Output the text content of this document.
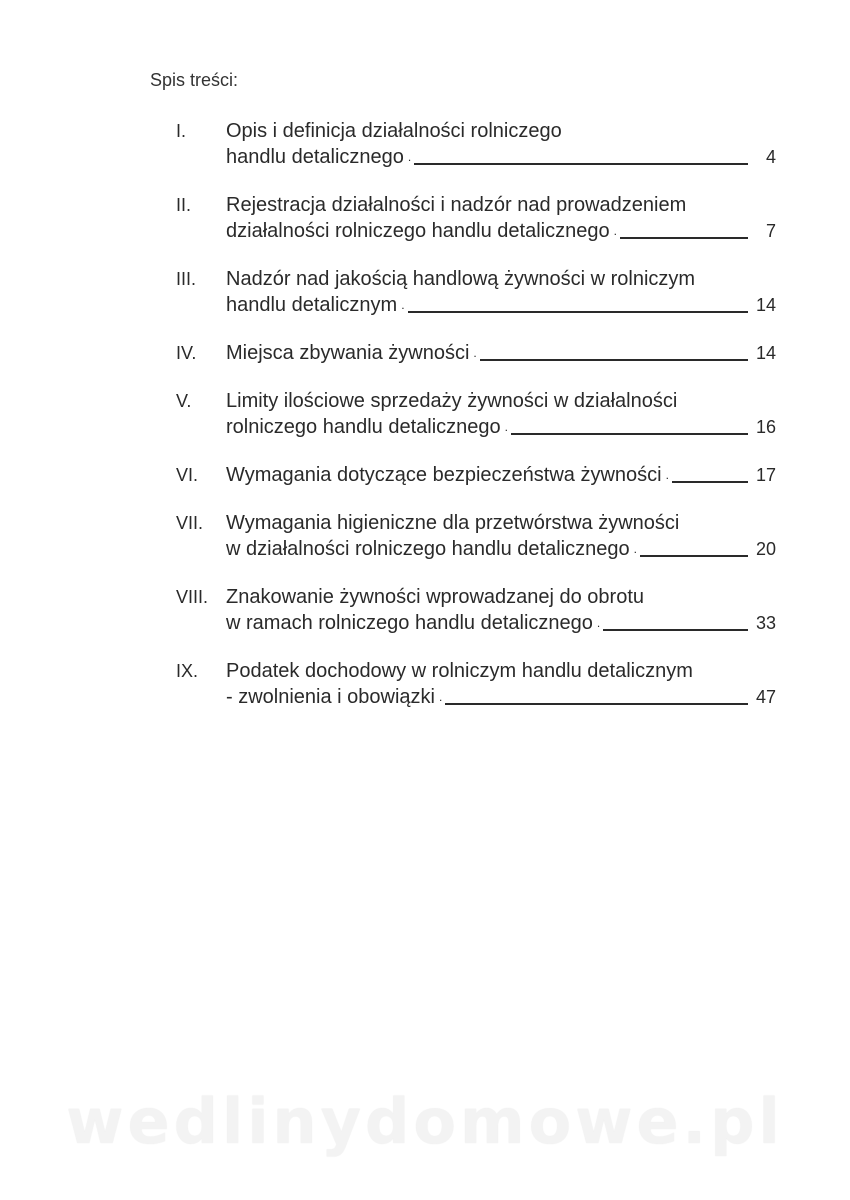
Spis treści:
I.	Opis i definicja działalności rolniczego
handlu detalicznego .	4
II.	Rejestracja działalności i nadzór nad prowadzeniem
działalności rolniczego handlu detalicznego .	7
III.	Nadzór nad jakością handlową żywności w rolniczym
handlu detalicznym .	14
IV.	Miejsca zbywania żywności .	14
V.	Limity ilościowe sprzedaży żywności w działalności
rolniczego handlu detalicznego .	16
VI.	Wymagania dotyczące bezpieczeństwa żywności .	17
VII.	Wymagania higieniczne dla przetwórstwa żywności
w działalności rolniczego handlu detalicznego .	20
VIII. Znakowanie żywności wprowadzanej do obrotu
w ramach rolniczego handlu detalicznego .	33
IX.	Podatek dochodowy w rolniczym handlu detalicznym
- zwolnienia i obowiązki .	47
wedlinydomowe.pl
